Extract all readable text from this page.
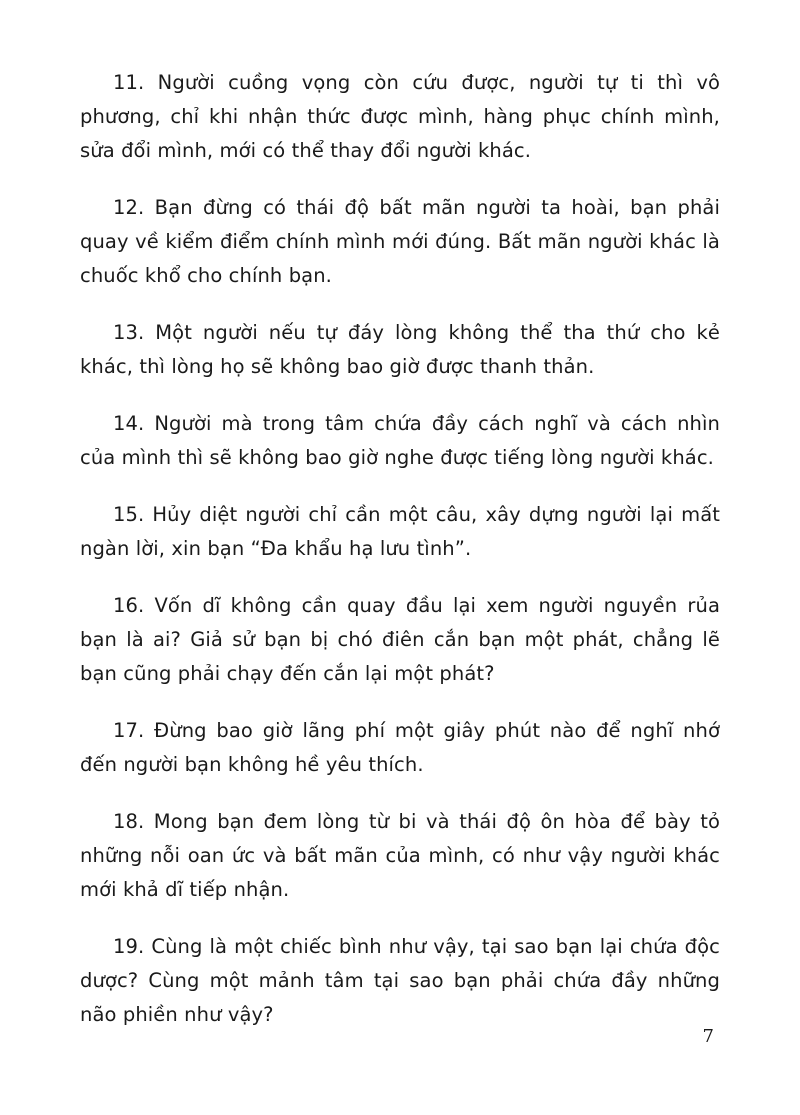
11. Người cuồng vọng còn cứu được, người tự ti thì vô phương, chỉ khi nhận thức được mình, hàng phục chính mình, sửa đổi mình, mới có thể thay đổi người khác.

12. Bạn đừng có thái độ bất mãn người ta hoài, bạn phải quay về kiểm điểm chính mình mới đúng. Bất mãn người khác là chuốc khổ cho chính bạn.

13. Một người nếu tự đáy lòng không thể tha thứ cho kẻ khác, thì lòng họ sẽ không bao giờ được thanh thản.

14. Người mà trong tâm chứa đầy cách nghĩ và cách nhìn của mình thì sẽ không bao giờ nghe được tiếng lòng người khác.

15. Hủy diệt người chỉ cần một câu, xây dựng người lại mất ngàn lời, xin bạn “Đa khẩu hạ lưu tình”.

16. Vốn dĩ không cần quay đầu lại xem người nguyền rủa bạn là ai? Giả sử bạn bị chó điên cắn bạn một phát, chẳng lẽ bạn cũng phải chạy đến cắn lại một phát?

17. Đừng bao giờ lãng phí một giây phút nào để nghĩ nhớ đến người bạn không hề yêu thích.

18. Mong bạn đem lòng từ bi và thái độ ôn hòa để bày tỏ những nỗi oan ức và bất mãn của mình, có như vậy người khác mới khả dĩ tiếp nhận.

19. Cùng là một chiếc bình như vậy, tại sao bạn lại chứa độc dược? Cùng một mảnh tâm tại sao bạn phải chứa đầy những não phiền như vậy?

7
